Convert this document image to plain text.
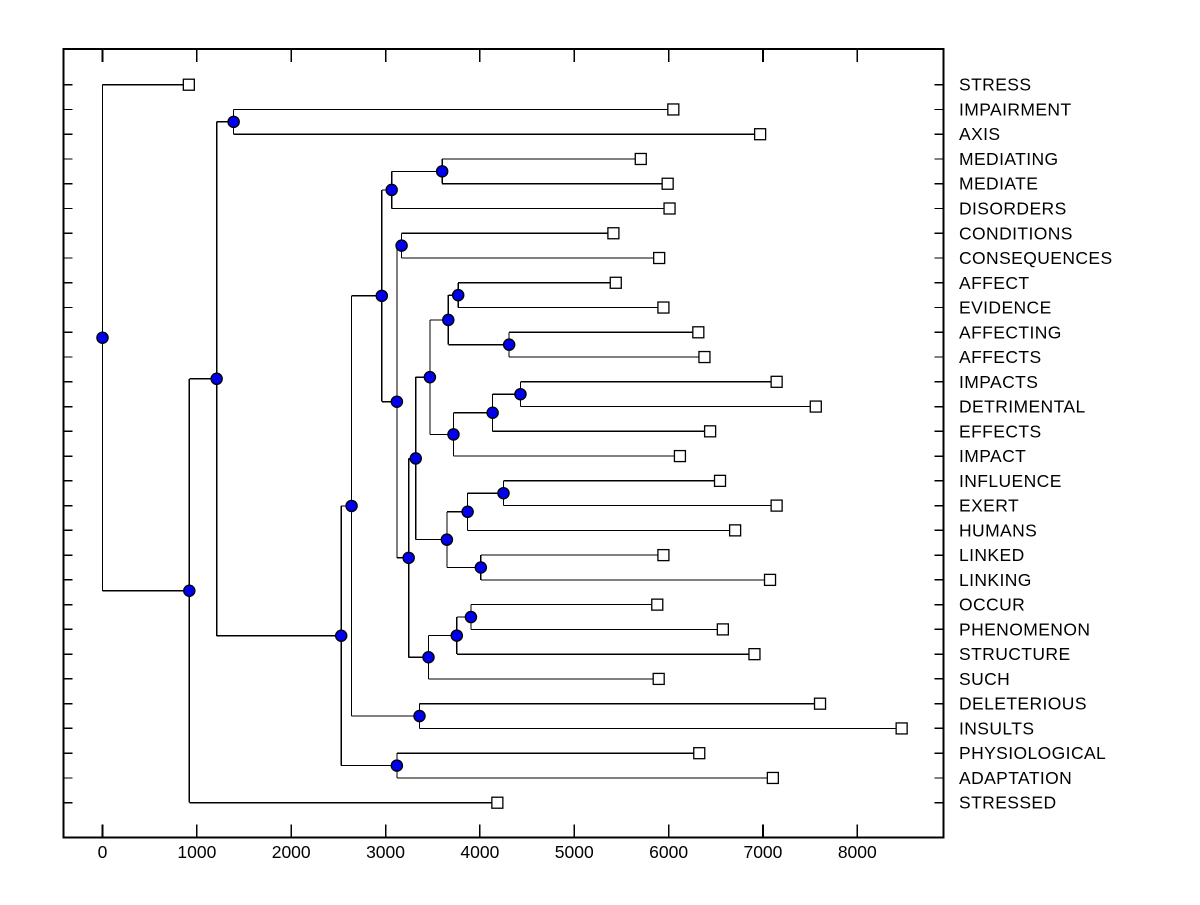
0	1000	2000	3000	4000	5000	6000	7000	8000
STRESS
IMPAIRMENT
AXIS
MEDIATING
MEDIATE
DISORDERS
CONDITIONS
CONSEQUENCES
AFFECT
EVIDENCE
AFFECTING
AFFECTS
IMPACTS
DETRIMENTAL
EFFECTS
IMPACT
INFLUENCE
EXERT
HUMANS
LINKED
LINKING
OCCUR
PHENOMENON
STRUCTURE
SUCH
DELETERIOUS
INSULTS
PHYSIOLOGICAL
ADAPTATION
STRESSED
